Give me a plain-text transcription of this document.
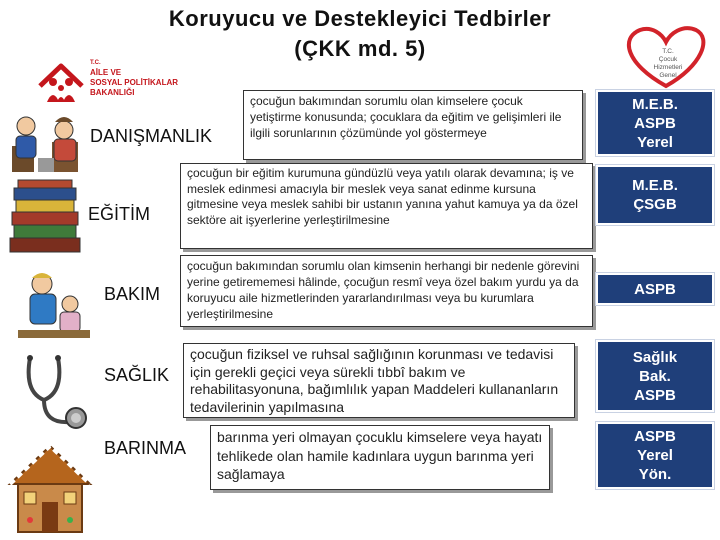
Koruyucu ve Destekleyici Tedbirler
(ÇKK md. 5)
T.C.
AİLE VE
SOSYAL POLİTİKALAR
BAKANLIĞI
T.C.
Çocuk
Hizmetleri
Genel
DANIŞMANLIK
EĞİTİM
BAKIM
SAĞLIK
BARINMA
çocuğun bakımından sorumlu olan kimselere çocuk yetiştirme konusunda; çocuklara da eğitim ve gelişimleri ile ilgili sorunlarının çözümünde yol göstermeye
çocuğun bir eğitim kurumuna gündüzlü veya yatılı olarak devamına; iş ve meslek edinmesi amacıyla bir meslek veya sanat edinme kursuna gitmesine veya meslek sahibi bir ustanın yanına yahut kamuya ya da özel sektöre ait işyerlerine yerleştirilmesine
çocuğun bakımından sorumlu olan kimsenin herhangi bir nedenle görevini yerine getirememesi hâlinde, çocuğun resmî veya özel bakım yurdu ya da koruyucu aile hizmetlerinden yararlandırılması veya bu kurumlara yerleştirilmesine
çocuğun fiziksel ve ruhsal sağlığının korunması ve tedavisi için gerekli geçici veya sürekli tıbbî bakım ve rehabilitasyonuna, bağımlılık yapan Maddeleri kullananların tedavilerinin yapılmasına
barınma yeri olmayan çocuklu kimselere veya hayatı tehlikede olan hamile kadınlara uygun barınma yeri sağlamaya
M.E.B.
ASPB
Yerel
M.E.B.
ÇSGB
ASPB
Sağlık
Bak.
ASPB
ASPB
Yerel
Yön.
